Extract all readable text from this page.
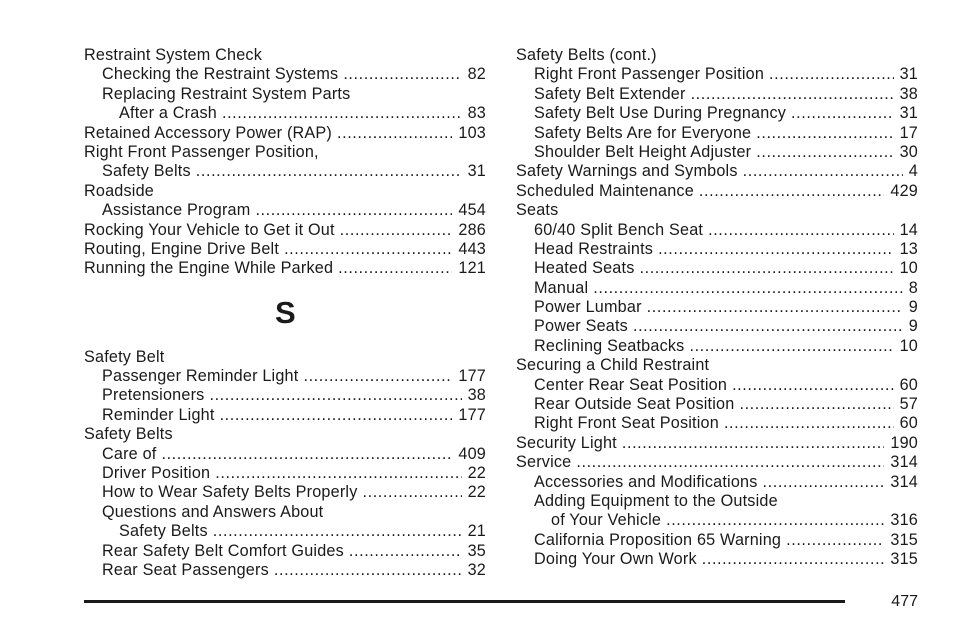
Restraint System Check
Checking the Restraint Systems .....	82
Replacing Restraint System Parts
After a Crash .....	83
Retained Accessory Power (RAP) .....	103
Right Front Passenger Position,
Safety Belts .....	31
Roadside
Assistance Program .....	454
Rocking Your Vehicle to Get it Out .....	286
Routing, Engine Drive Belt .....	443
Running the Engine While Parked .....	121
S
Safety Belt
Passenger Reminder Light .....	177
Pretensioners .....	38
Reminder Light .....	177
Safety Belts
Care of .....	409
Driver Position .....	22
How to Wear Safety Belts Properly .....	22
Questions and Answers About
Safety Belts .....	21
Rear Safety Belt Comfort Guides .....	35
Rear Seat Passengers .....	32
Safety Belts (cont.)
Right Front Passenger Position .....	31
Safety Belt Extender .....	38
Safety Belt Use During Pregnancy .....	31
Safety Belts Are for Everyone .....	17
Shoulder Belt Height Adjuster .....	30
Safety Warnings and Symbols .....	4
Scheduled Maintenance .....	429
Seats
60/40 Split Bench Seat .....	14
Head Restraints .....	13
Heated Seats .....	10
Manual .....	8
Power Lumbar .....	9
Power Seats .....	9
Reclining Seatbacks .....	10
Securing a Child Restraint
Center Rear Seat Position .....	60
Rear Outside Seat Position .....	57
Right Front Seat Position .....	60
Security Light .....	190
Service .....	314
Accessories and Modifications .....	314
Adding Equipment to the Outside
of Your Vehicle .....	316
California Proposition 65 Warning .....	315
Doing Your Own Work .....	315
477
